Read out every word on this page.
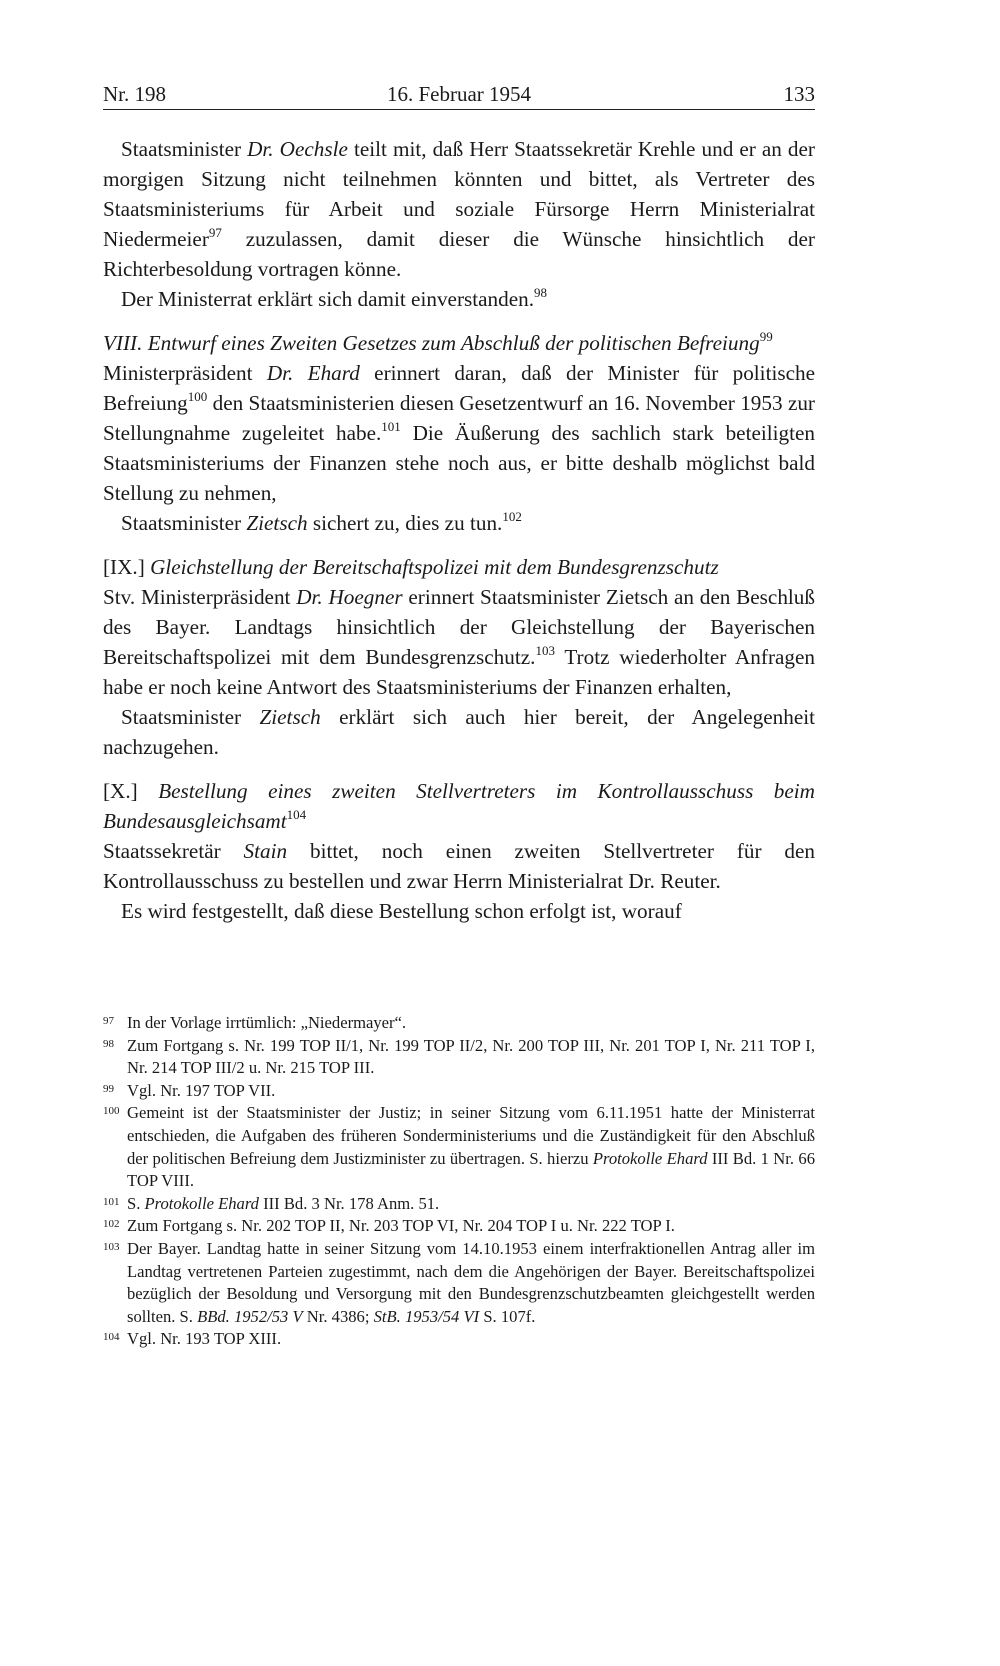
Nr. 198	16. Februar 1954	133

Staatsminister Dr. Oechsle teilt mit, daß Herr Staatssekretär Krehle und er an der morgigen Sitzung nicht teilnehmen könnten und bittet, als Vertreter des Staatsministeriums für Arbeit und soziale Fürsorge Herrn Ministerialrat Niedermeier$^{97}$ zuzulassen, damit dieser die Wünsche hinsichtlich der Richterbesoldung vortragen könne.

Der Ministerrat erklärt sich damit einverstanden.$^{98}$

VIII. Entwurf eines Zweiten Gesetzes zum Abschluß der politischen Befreiung$^{99}$

Ministerpräsident Dr. Ehard erinnert daran, daß der Minister für politische Befreiung$^{100}$ den Staatsministerien diesen Gesetzentwurf an 16. November 1953 zur Stellungnahme zugeleitet habe.$^{101}$ Die Äußerung des sachlich stark beteiligten Staatsministeriums der Finanzen stehe noch aus, er bitte deshalb möglichst bald Stellung zu nehmen,

Staatsminister Zietsch sichert zu, dies zu tun.$^{102}$

[IX.] Gleichstellung der Bereitschaftspolizei mit dem Bundesgrenzschutz

Stv. Ministerpräsident Dr. Hoegner erinnert Staatsminister Zietsch an den Beschluß des Bayer. Landtags hinsichtlich der Gleichstellung der Bayerischen Bereitschaftspolizei mit dem Bundesgrenzschutz.$^{103}$ Trotz wiederholter Anfragen habe er noch keine Antwort des Staatsministeriums der Finanzen erhalten,

Staatsminister Zietsch erklärt sich auch hier bereit, der Angelegenheit nachzugehen.

[X.] Bestellung eines zweiten Stellvertreters im Kontrollausschuss beim Bundesausgleichsamt$^{104}$

Staatssekretär Stain bittet, noch einen zweiten Stellvertreter für den Kontrollausschuss zu bestellen und zwar Herrn Ministerialrat Dr. Reuter.

Es wird festgestellt, daß diese Bestellung schon erfolgt ist, worauf

97 In der Vorlage irrtümlich: „Niedermayer“.

98 Zum Fortgang s. Nr. 199 TOP II/1, Nr. 199 TOP II/2, Nr. 200 TOP III, Nr. 201 TOP I, Nr. 211 TOP I, Nr. 214 TOP III/2 u. Nr. 215 TOP III.

99 Vgl. Nr. 197 TOP VII.

100 Gemeint ist der Staatsminister der Justiz; in seiner Sitzung vom 6.11.1951 hatte der Ministerrat entschieden, die Aufgaben des früheren Sonderministeriums und die Zuständigkeit für den Abschluß der politischen Befreiung dem Justizminister zu übertragen. S. hierzu Protokolle Ehard III Bd. 1 Nr. 66 TOP VIII.

101 S. Protokolle Ehard III Bd. 3 Nr. 178 Anm. 51.

102 Zum Fortgang s. Nr. 202 TOP II, Nr. 203 TOP VI, Nr. 204 TOP I u. Nr. 222 TOP I.

103 Der Bayer. Landtag hatte in seiner Sitzung vom 14.10.1953 einem interfraktionellen Antrag aller im Landtag vertretenen Parteien zugestimmt, nach dem die Angehörigen der Bayer. Bereitschaftspolizei bezüglich der Besoldung und Versorgung mit den Bundesgrenzschutzbeamten gleichgestellt werden sollten. S. BBd. 1952/53 V Nr. 4386; StB. 1953/54 VI S. 107f.

104 Vgl. Nr. 193 TOP XIII.
